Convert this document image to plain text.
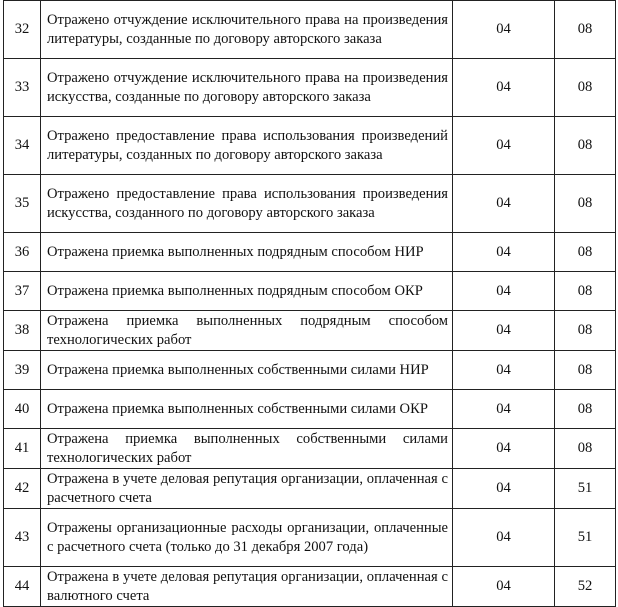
32	Отражено отчуждение исключительного права на произведения литературы, созданные по договору авторского заказа	04	08
33	Отражено отчуждение исключительного права на произведения искусства, созданные по договору авторского заказа	04	08
34	Отражено предоставление права использования произведений литературы, созданных по договору авторского заказа	04	08
35	Отражено предоставление права использования произведения искусства, созданного по договору авторского заказа	04	08
36	Отражена приемка выполненных подрядным способом НИР	04	08
37	Отражена приемка выполненных подрядным способом ОКР	04	08
38	Отражена приемка выполненных подрядным способом технологических работ	04	08
39	Отражена приемка выполненных собственными силами НИР	04	08
40	Отражена приемка выполненных собственными силами ОКР	04	08
41	Отражена приемка выполненных собственными силами технологических работ	04	08
42	Отражена в учете деловая репутация организации, оплаченная с расчетного счета	04	51
43	Отражены организационные расходы организации, оплаченные с расчетного счета (только до 31 декабря 2007 года)	04	51
44	Отражена в учете деловая репутация организации, оплаченная с валютного счета	04	52
